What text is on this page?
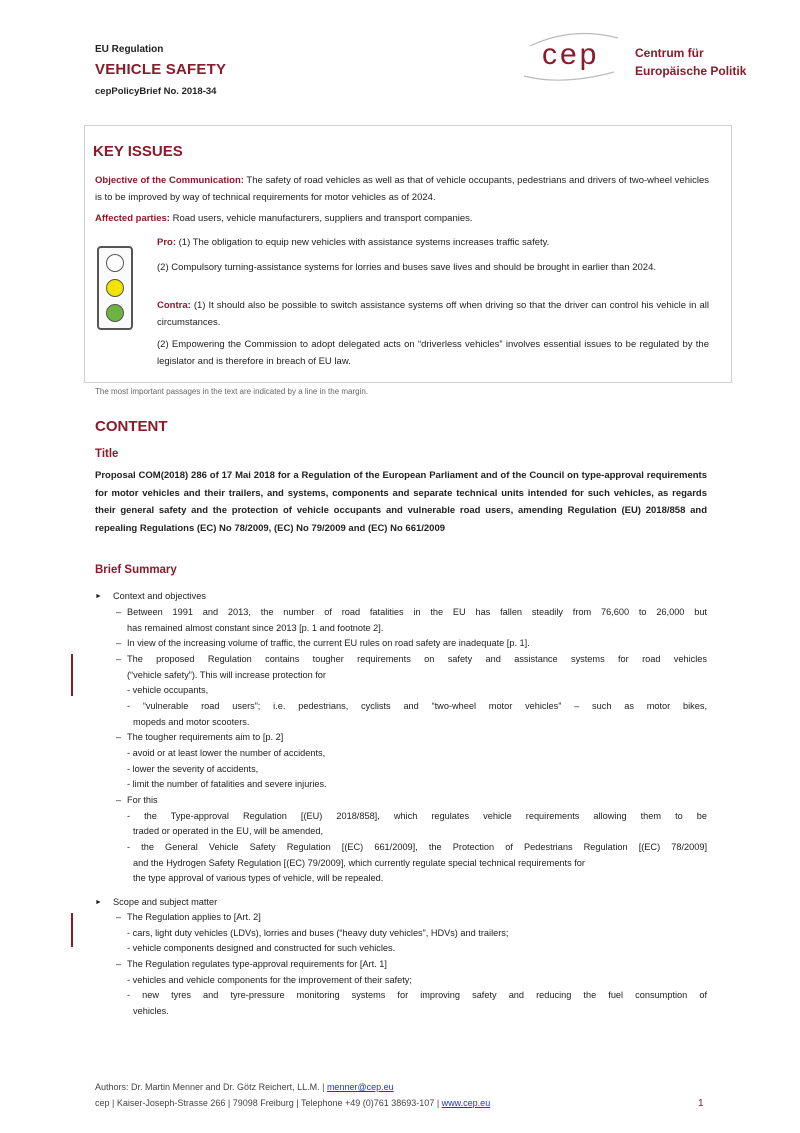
EU Regulation
VEHICLE SAFETY
cepPolicyBrief No. 2018-34
cep	Centrum für
Europäische Politik
KEY ISSUES
Objective of the Communication: The safety of road vehicles as well as that of vehicle occupants, pedestrians and drivers of two-wheel vehicles is to be improved by way of technical requirements for motor vehicles as of 2024.
Affected parties: Road users, vehicle manufacturers, suppliers and transport companies.
Pro: (1) The obligation to equip new vehicles with assistance systems increases traffic safety.
(2) Compulsory turning-assistance systems for lorries and buses save lives and should be brought in earlier than 2024.
Contra: (1) It should also be possible to switch assistance systems off when driving so that the driver can control his vehicle in all circumstances.
(2) Empowering the Commission to adopt delegated acts on “driverless vehicles” involves essential issues to be regulated by the legislator and is therefore in breach of EU law.
The most important passages in the text are indicated by a line in the margin.
CONTENT
Title
Proposal COM(2018) 286 of 17 Mai 2018 for a Regulation of the European Parliament and of the Council on type-approval requirements for motor vehicles and their trailers, and systems, components and separate technical units intended for such vehicles, as regards their general safety and the protection of vehicle occupants and vulnerable road users, amending Regulation (EU) 2018/858 and repealing Regulations (EC) No 78/2009, (EC) No 79/2009 and (EC) No 661/2009
Brief Summary
► Context and objectives
– Between 1991 and 2013, the number of road fatalities in the EU has fallen steadily from 76,600 to 26,000 but
has remained almost constant since 2013 [p. 1 and footnote 2].
– In view of the increasing volume of traffic, the current EU rules on road safety are inadequate [p. 1].
– The proposed Regulation contains tougher requirements on safety and assistance systems for road vehicles
(“vehicle safety”). This will increase protection for
- vehicle occupants,
- “vulnerable road users”; i.e. pedestrians, cyclists and “two-wheel motor vehicles” – such as motor bikes,
mopeds and motor scooters.
– The tougher requirements aim to [p. 2]
- avoid or at least lower the number of accidents,
- lower the severity of accidents,
- limit the number of fatalities and severe injuries.
– For this
- the Type-approval Regulation [(EU) 2018/858], which regulates vehicle requirements allowing them to be
traded or operated in the EU, will be amended,
- the General Vehicle Safety Regulation [(EC) 661/2009], the Protection of Pedestrians Regulation [(EC) 78/2009]
and the Hydrogen Safety Regulation [(EC) 79/2009], which currently regulate special technical requirements for
the type approval of various types of vehicle, will be repealed.
► Scope and subject matter
– The Regulation applies to [Art. 2]
- cars, light duty vehicles (LDVs), lorries and buses (“heavy duty vehicles”, HDVs) and trailers;
- vehicle components designed and constructed for such vehicles.
– The Regulation regulates type-approval requirements for [Art. 1]
- vehicles and vehicle components for the improvement of their safety;
- new tyres and tyre-pressure monitoring systems for improving safety and reducing the fuel consumption of
vehicles.
Authors: Dr. Martin Menner and Dr. Götz Reichert, LL.M. | menner@cep.eu
cep | Kaiser-Joseph-Strasse 266 | 79098 Freiburg | Telephone +49 (0)761 38693-107 | www.cep.eu	1
